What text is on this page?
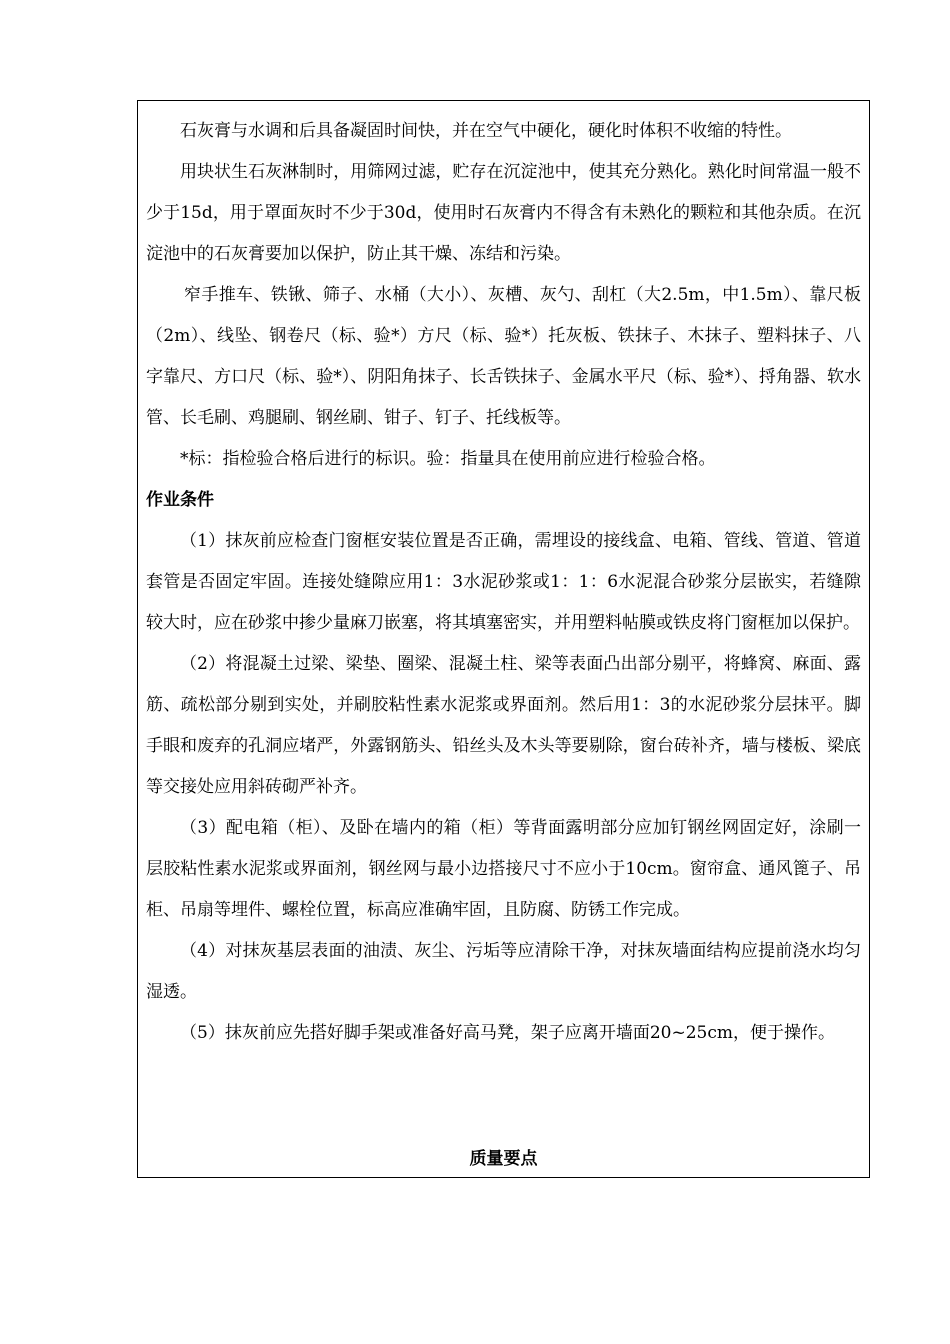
石灰膏与水调和后具备凝固时间快，并在空气中硬化，硬化时体积不收缩的特性。

用块状生石灰淋制时，用筛网过滤，贮存在沉淀池中，使其充分熟化。熟化时间常温一般不少于15d，用于罩面灰时不少于30d，使用时石灰膏内不得含有未熟化的颗粒和其他杂质。在沉淀池中的石灰膏要加以保护，防止其干燥、冻结和污染。

窄手推车、铁锹、筛子、水桶（大小）、灰槽、灰勺、刮杠（大2.5m，中1.5m）、靠尺板（2m）、线坠、钢卷尺（标、验*）方尺（标、验*）托灰板、铁抹子、木抹子、塑料抹子、八字靠尺、方口尺（标、验*）、阴阳角抹子、长舌铁抹子、金属水平尺（标、验*）、捋角器、软水管、长毛刷、鸡腿刷、钢丝刷、钳子、钉子、托线板等。

*标：指检验合格后进行的标识。验：指量具在使用前应进行检验合格。

作业条件

（1）抹灰前应检查门窗框安装位置是否正确，需埋设的接线盒、电箱、管线、管道、管道套管是否固定牢固。连接处缝隙应用1：3水泥砂浆或1：1：6水泥混合砂浆分层嵌实，若缝隙较大时，应在砂浆中掺少量麻刀嵌塞，将其填塞密实，并用塑料帖膜或铁皮将门窗框加以保护。

（2）将混凝土过梁、梁垫、圈梁、混凝土柱、梁等表面凸出部分剔平，将蜂窝、麻面、露筋、疏松部分剔到实处，并刷胶粘性素水泥浆或界面剂。然后用1：3的水泥砂浆分层抹平。脚手眼和废弃的孔洞应堵严，外露钢筋头、铅丝头及木头等要剔除，窗台砖补齐，墙与楼板、梁底等交接处应用斜砖砌严补齐。

（3）配电箱（柜）、及卧在墙内的箱（柜）等背面露明部分应加钉钢丝网固定好，涂刷一层胶粘性素水泥浆或界面剂，钢丝网与最小边搭接尺寸不应小于10cm。窗帘盒、通风篦子、吊柜、吊扇等埋件、螺栓位置，标高应准确牢固，且防腐、防锈工作完成。

（4）对抹灰基层表面的油渍、灰尘、污垢等应清除干净，对抹灰墙面结构应提前浇水均匀湿透。

（5）抹灰前应先搭好脚手架或准备好高马凳，架子应离开墙面20~25cm，便于操作。

质量要点
